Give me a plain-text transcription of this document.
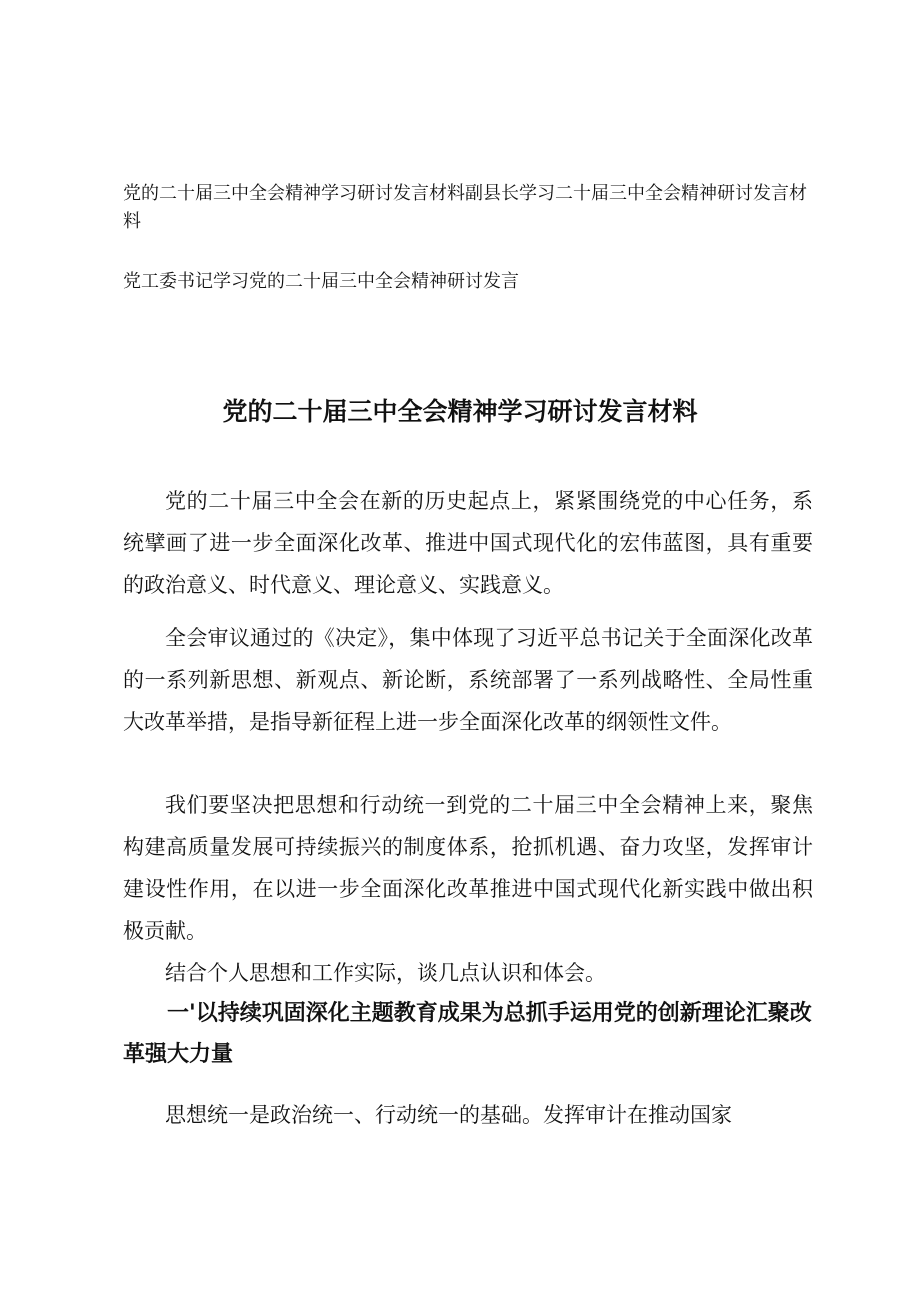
党的二十届三中全会精神学习研讨发言材料副县长学习二十届三中全会精神研讨发言材料

党工委书记学习党的二十届三中全会精神研讨发言

党的二十届三中全会精神学习研讨发言材料

党的二十届三中全会在新的历史起点上，紧紧围绕党的中心任务，系统擘画了进一步全面深化改革、推进中国式现代化的宏伟蓝图，具有重要的政治意义、时代意义、理论意义、实践意义。

全会审议通过的《决定》，集中体现了习近平总书记关于全面深化改革的一系列新思想、新观点、新论断，系统部署了一系列战略性、全局性重大改革举措，是指导新征程上进一步全面深化改革的纲领性文件。

我们要坚决把思想和行动统一到党的二十届三中全会精神上来，聚焦构建高质量发展可持续振兴的制度体系，抢抓机遇、奋力攻坚，发挥审计建设性作用，在以进一步全面深化改革推进中国式现代化新实践中做出积极贡献。

结合个人思想和工作实际，谈几点认识和体会。

一'以持续巩固深化主题教育成果为总抓手运用党的创新理论汇聚改革强大力量

思想统一是政治统一、行动统一的基础。发挥审计在推动国家
